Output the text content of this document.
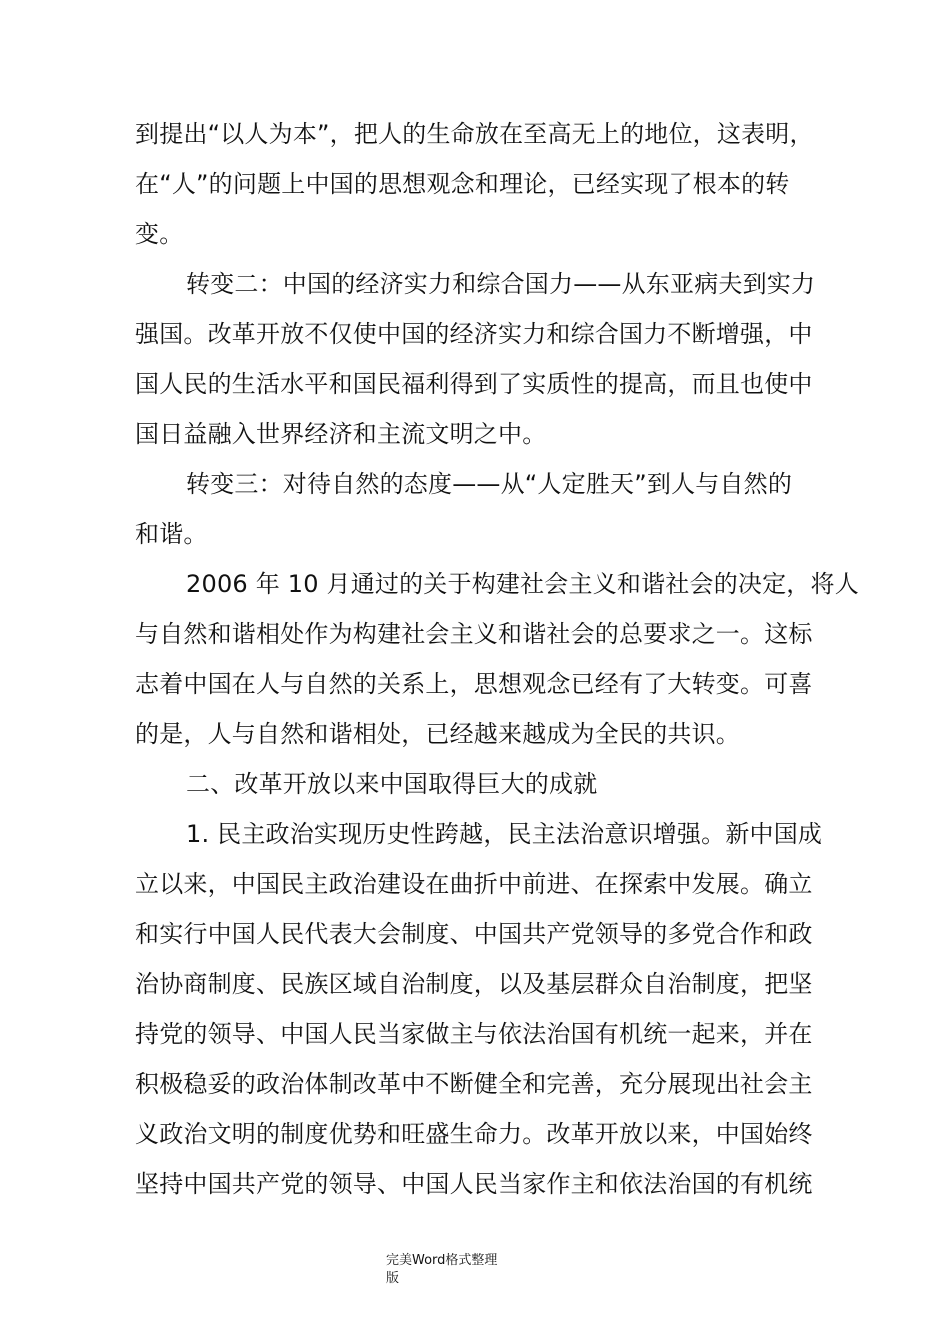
到提出“以人为本”，把人的生命放在至高无上的地位，这表明，
在“人”的问题上中国的思想观念和理论，已经实现了根本的转
变。
转变二：中国的经济实力和综合国力——从东亚病夫到实力
强国。改革开放不仅使中国的经济实力和综合国力不断增强，中
国人民的生活水平和国民福利得到了实质性的提高，而且也使中
国日益融入世界经济和主流文明之中。
转变三：对待自然的态度——从“人定胜天”到人与自然的
和谐。
2006 年 10 月通过的关于构建社会主义和谐社会的决定，将人
与自然和谐相处作为构建社会主义和谐社会的总要求之一。这标
志着中国在人与自然的关系上，思想观念已经有了大转变。可喜
的是，人与自然和谐相处，已经越来越成为全民的共识。
二、改革开放以来中国取得巨大的成就
1. 民主政治实现历史性跨越，民主法治意识增强。新中国成
立以来，中国民主政治建设在曲折中前进、在探索中发展。确立
和实行中国人民代表大会制度、中国共产党领导的多党合作和政
治协商制度、民族区域自治制度，以及基层群众自治制度，把坚
持党的领导、中国人民当家做主与依法治国有机统一起来，并在
积极稳妥的政治体制改革中不断健全和完善，充分展现出社会主
义政治文明的制度优势和旺盛生命力。改革开放以来，中国始终
坚持中国共产党的领导、中国人民当家作主和依法治国的有机统
完美Word格式整理
版
